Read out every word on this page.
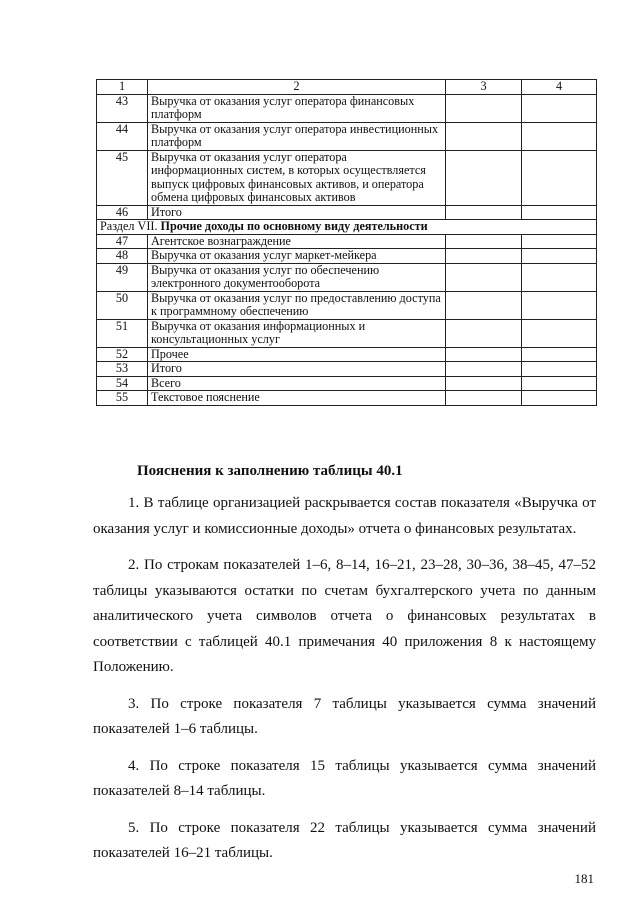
1	2	3	4
43	Выручка от оказания услуг оператора финансовых платформ		
44	Выручка от оказания услуг оператора инвестиционных платформ		
45	Выручка от оказания услуг оператора информационных систем, в которых осуществляется выпуск цифровых финансовых активов, и оператора обмена цифровых финансовых активов		
46	Итого		
Раздел VII. Прочие доходы по основному виду деятельности			
47	Агентское вознаграждение		
48	Выручка от оказания услуг маркет-мейкера		
49	Выручка от оказания услуг по обеспечению электронного документооборота		
50	Выручка от оказания услуг по предоставлению доступа к программному обеспечению		
51	Выручка от оказания информационных и консультационных услуг		
52	Прочее		
53	Итого		
54	Всего		
55	Текстовое пояснение		
Пояснения к заполнению таблицы 40.1

1. В таблице организацией раскрывается состав показателя «Выручка от оказания услуг и комиссионные доходы» отчета о финансовых результатах.

2. По строкам показателей 1–6, 8–14, 16–21, 23–28, 30–36, 38–45, 47–52 таблицы указываются остатки по счетам бухгалтерского учета по данным аналитического учета символов отчета о финансовых результатах в соответствии с таблицей 40.1 примечания 40 приложения 8 к настоящему Положению.

3. По строке показателя 7 таблицы указывается сумма значений показателей 1–6 таблицы.

4. По строке показателя 15 таблицы указывается сумма значений показателей 8–14 таблицы.

5. По строке показателя 22 таблицы указывается сумма значений показателей 16–21 таблицы.

181
